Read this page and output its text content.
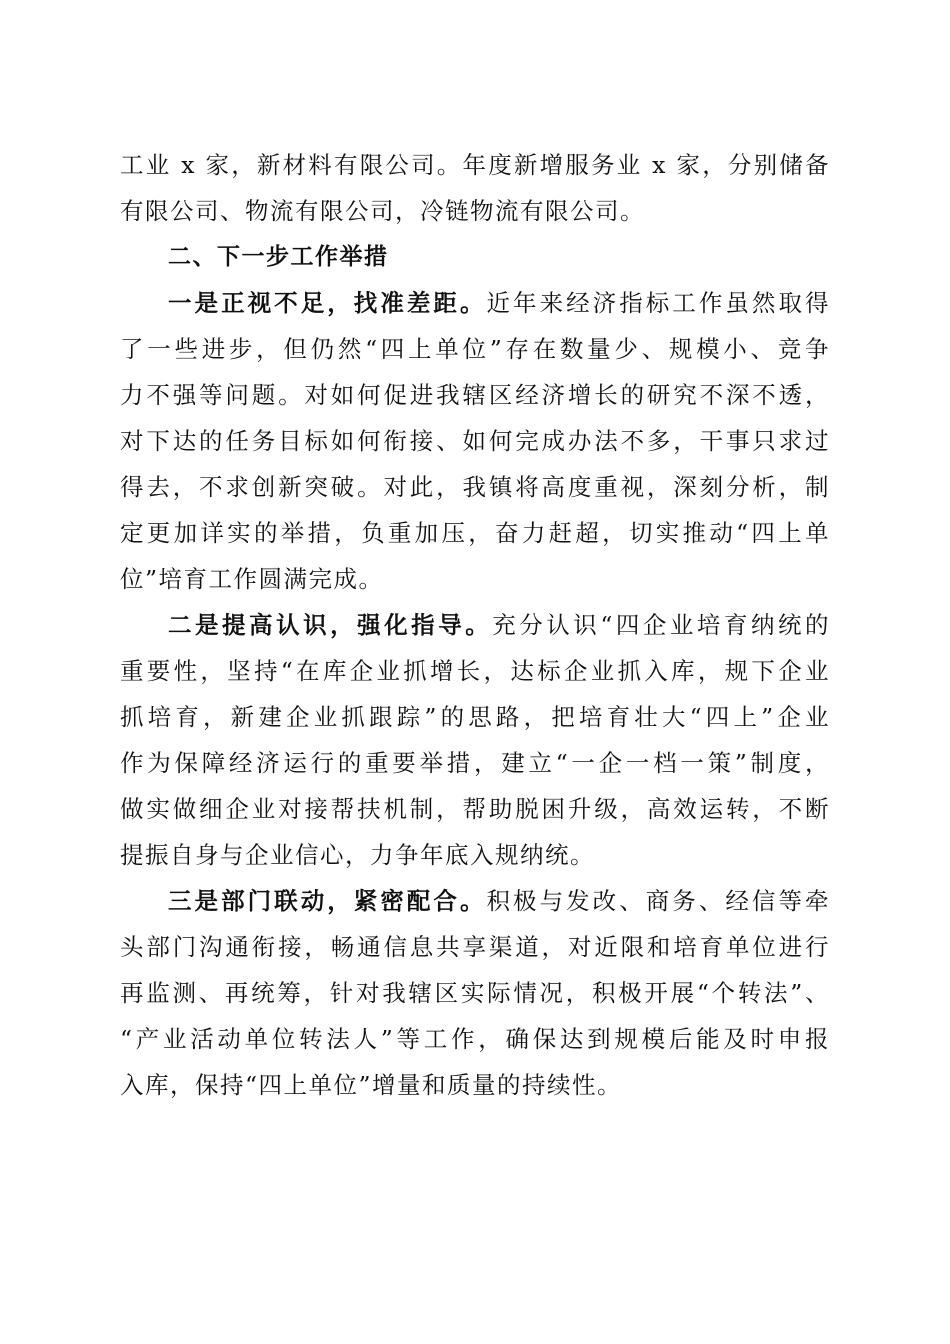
工业 x 家，新材料有限公司。年度新增服务业 x 家，分别储备
有限公司、物流有限公司，冷链物流有限公司。
二、下一步工作举措
一是正视不足，找准差距。近年来经济指标工作虽然取得
了一些进步，但仍然“四上单位”存在数量少、规模小、竞争
力不强等问题。对如何促进我辖区经济增长的研究不深不透，
对下达的任务目标如何衔接、如何完成办法不多，干事只求过
得去，不求创新突破。对此，我镇将高度重视，深刻分析，制
定更加详实的举措，负重加压，奋力赶超，切实推动“四上单
位”培育工作圆满完成。
二是提高认识，强化指导。充分认识“四企业培育纳统的
重要性，坚持“在库企业抓增长，达标企业抓入库，规下企业
抓培育，新建企业抓跟踪”的思路，把培育壮大“四上”企业
作为保障经济运行的重要举措，建立“一企一档一策”制度，
做实做细企业对接帮扶机制，帮助脱困升级，高效运转，不断
提振自身与企业信心，力争年底入规纳统。
三是部门联动，紧密配合。积极与发改、商务、经信等牵
头部门沟通衔接，畅通信息共享渠道，对近限和培育单位进行
再监测、再统筹，针对我辖区实际情况，积极开展“个转法”、
“产业活动单位转法人”等工作，确保达到规模后能及时申报
入库，保持“四上单位”增量和质量的持续性。
